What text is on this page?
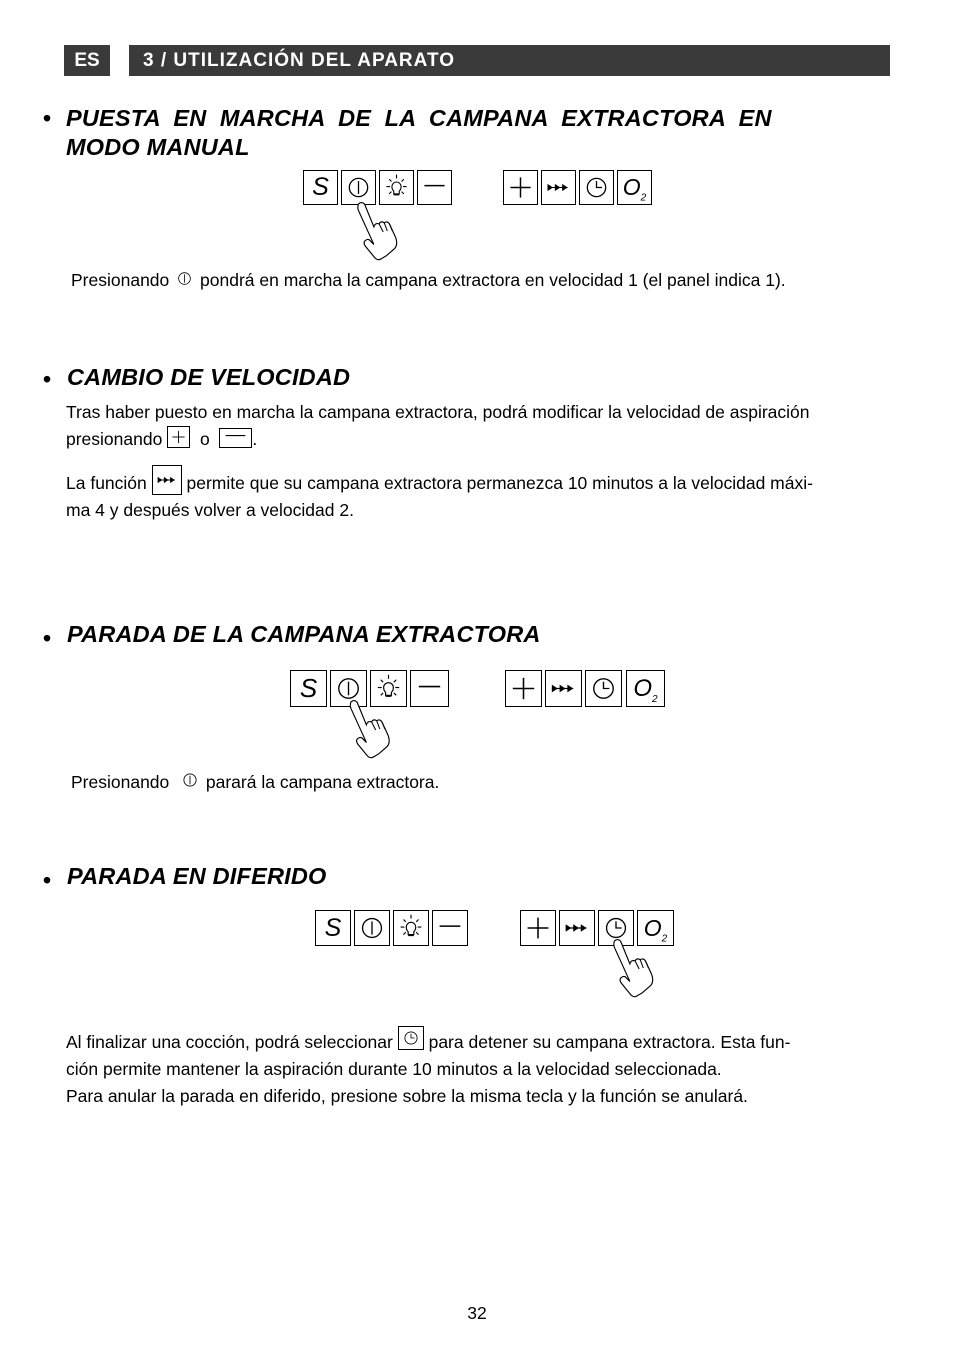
ES	3 / UTILIZACIÓN DEL APARATO
• PUESTA  EN  MARCHA  DE  LA  CAMPANA  EXTRACTORA  EN
MODO MANUAL
S	$O_2$
Presionando pondrá en marcha la campana extractora en velocidad 1 (el panel indica 1).
• CAMBIO DE VELOCIDAD
Tras haber puesto en marcha la campana extractora, podrá modificar la velocidad de aspiración
presionando o .
La función permite que su campana extractora permanezca 10 minutos a la velocidad máxi-
ma 4 y después volver a velocidad 2.
• PARADA DE LA CAMPANA EXTRACTORA
S	$O_2$
Presionando parará la campana extractora.
• PARADA EN DIFERIDO
S	$O_2$
Al finalizar una cocción, podrá seleccionar para detener su campana extractora. Esta fun-
ción permite mantener la aspiración durante 10 minutos a la velocidad seleccionada.
Para anular la parada en diferido, presione sobre la misma tecla y la función se anulará.
32
